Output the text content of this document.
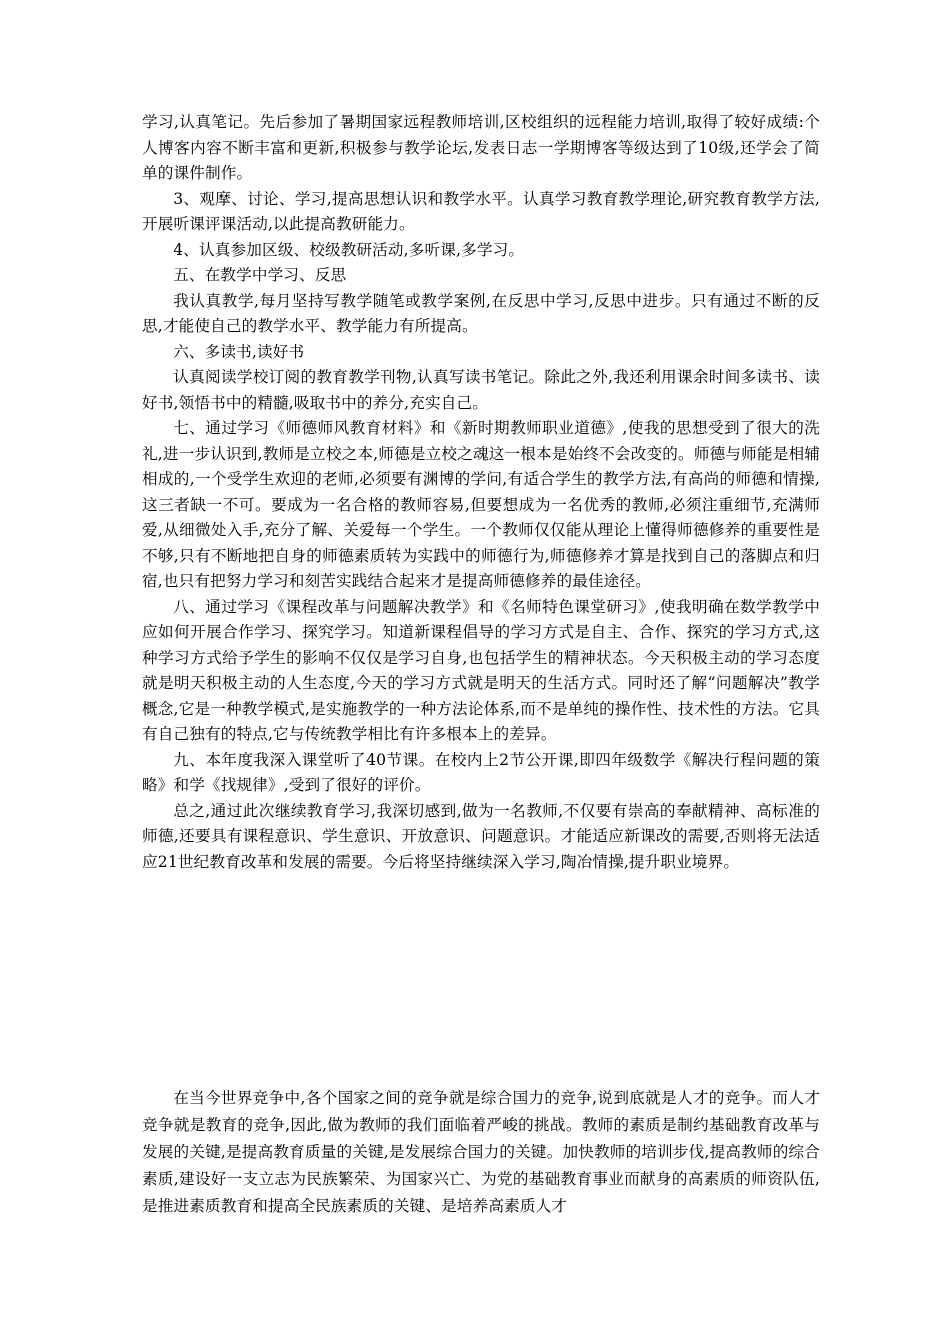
学习,认真笔记。先后参加了暑期国家远程教师培训,区校组织的远程能力培训,取得了较好成绩:个人博客内容不断丰富和更新,积极参与教学论坛,发表日志一学期博客等级达到了10级,还学会了简单的课件制作。

3、观摩、讨论、学习,提高思想认识和教学水平。认真学习教育教学理论,研究教育教学方法,开展听课评课活动,以此提高教研能力。

4、认真参加区级、校级教研活动,多听课,多学习。

五、在教学中学习、反思

我认真教学,每月坚持写教学随笔或教学案例,在反思中学习,反思中进步。只有通过不断的反思,才能使自己的教学水平、教学能力有所提高。

六、多读书,读好书

认真阅读学校订阅的教育教学刊物,认真写读书笔记。除此之外,我还利用课余时间多读书、读好书,领悟书中的精髓,吸取书中的养分,充实自己。

七、通过学习《师德师风教育材料》和《新时期教师职业道德》,使我的思想受到了很大的洗礼,进一步认识到,教师是立校之本,师德是立校之魂这一根本是始终不会改变的。师德与师能是相辅相成的,一个受学生欢迎的老师,必须要有渊博的学问,有适合学生的教学方法,有高尚的师德和情操,这三者缺一不可。要成为一名合格的教师容易,但要想成为一名优秀的教师,必须注重细节,充满师爱,从细微处入手,充分了解、关爱每一个学生。一个教师仅仅能从理论上懂得师德修养的重要性是不够,只有不断地把自身的师德素质转为实践中的师德行为,师德修养才算是找到自己的落脚点和归宿,也只有把努力学习和刻苦实践结合起来才是提高师德修养的最佳途径。

八、通过学习《课程改革与问题解决教学》和《名师特色课堂研习》,使我明确在数学教学中应如何开展合作学习、探究学习。知道新课程倡导的学习方式是自主、合作、探究的学习方式,这种学习方式给予学生的影响不仅仅是学习自身,也包括学生的精神状态。今天积极主动的学习态度就是明天积极主动的人生态度,今天的学习方式就是明天的生活方式。同时还了解“问题解决”教学概念,它是一种教学模式,是实施教学的一种方法论体系,而不是单纯的操作性、技术性的方法。它具有自己独有的特点,它与传统教学相比有许多根本上的差异。

九、本年度我深入课堂听了40节课。在校内上2节公开课,即四年级数学《解决行程问题的策略》和学《找规律》,受到了很好的评价。

总之,通过此次继续教育学习,我深切感到,做为一名教师,不仅要有崇高的奉献精神、高标准的师德,还要具有课程意识、学生意识、开放意识、问题意识。才能适应新课改的需要,否则将无法适应21世纪教育改革和发展的需要。今后将坚持继续深入学习,陶冶情操,提升职业境界。

在当今世界竞争中,各个国家之间的竞争就是综合国力的竞争,说到底就是人才的竞争。而人才竞争就是教育的竞争,因此,做为教师的我们面临着严峻的挑战。教师的素质是制约基础教育改革与发展的关键,是提高教育质量的关键,是发展综合国力的关键。加快教师的培训步伐,提高教师的综合素质,建设好一支立志为民族繁荣、为国家兴亡、为党的基础教育事业而献身的高素质的师资队伍,是推进素质教育和提高全民族素质的关键、是培养高素质人才
